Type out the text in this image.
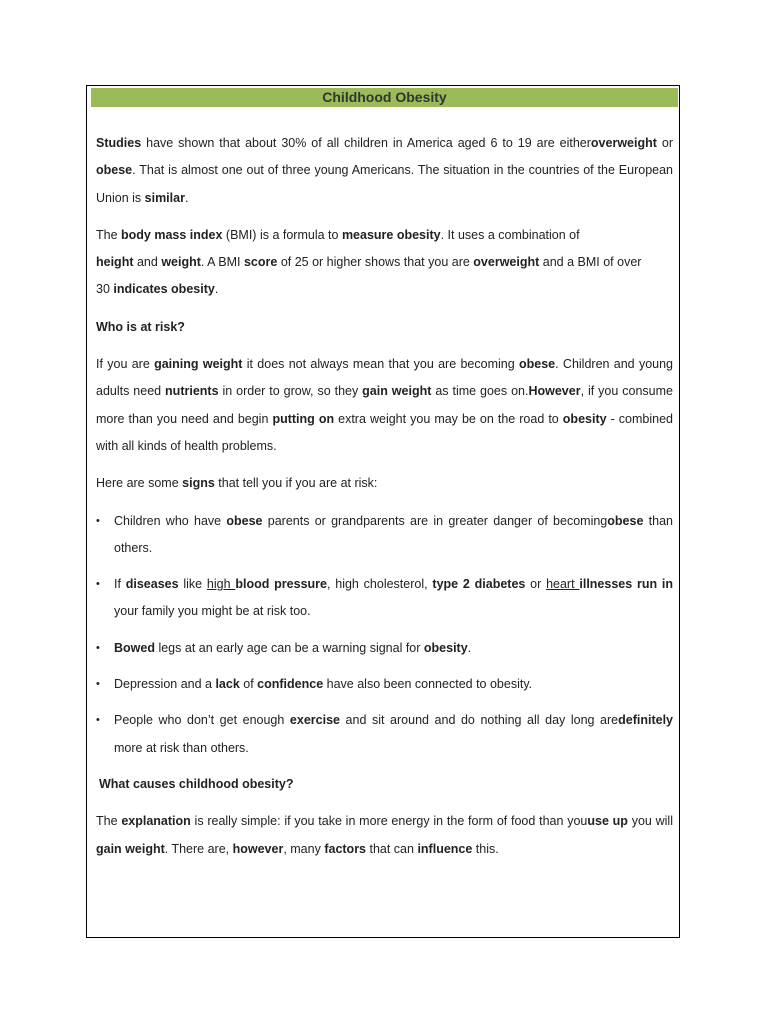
Childhood Obesity

Studies have shown that about 30% of all children in America aged 6 to 19 are eitheroverweight or obese. That is almost one out of three young Americans. The situation in the countries of the European Union is similar.

The body mass index (BMI) is a formula to measure obesity. It uses a combination of
height and weight. A BMI score of 25 or higher shows that you are overweight and a BMI of over
30 indicates obesity.

Who is at risk?

If you are gaining weight it does not always mean that you are becoming obese. Children and young adults need nutrients in order to grow, so they gain weight as time goes on.However, if you consume more than you need and begin putting on extra weight you may be on the road to obesity - combined with all kinds of health problems.

Here are some signs that tell you if you are at risk:

• Children who have obese parents or grandparents are in greater danger of becomingobese than others.
• If diseases like high blood pressure, high cholesterol, type 2 diabetes or heart illnesses run in your family you might be at risk too.
• Bowed legs at an early age can be a warning signal for obesity.
• Depression and a lack of confidence have also been connected to obesity.
• People who don’t get enough exercise and sit around and do nothing all day long aredefinitely more at risk than others.

What causes childhood obesity?

The explanation is really simple: if you take in more energy in the form of food than youuse up you will gain weight. There are, however, many factors that can influence this.
